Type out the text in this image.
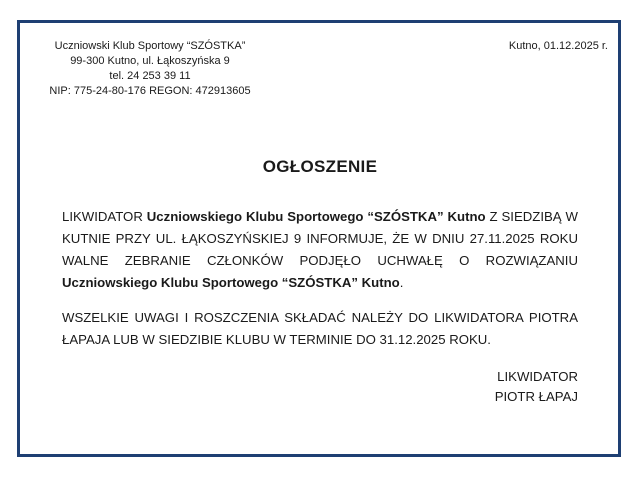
Uczniowski Klub Sportowy “SZÓSTKA”
99-300 Kutno, ul. Łąkoszyńska 9
tel. 24 253 39 11
NIP: 775-24-80-176 REGON: 472913605
Kutno, 01.12.2025 r.
OGŁOSZENIE
LIKWIDATOR Uczniowskiego Klubu Sportowego “SZÓSTKA” Kutno Z SIEDZIBĄ W KUTNIE PRZY UL. ŁĄKOSZYŃSKIEJ 9 INFORMUJE, ŻE W DNIU 27.11.2025 ROKU WALNE ZEBRANIE CZŁONKÓW PODJĘŁO UCHWAŁĘ O ROZWIĄZANIU Uczniowskiego Klubu Sportowego “SZÓSTKA” Kutno.
WSZELKIE UWAGI I ROSZCZENIA SKŁADAĆ NALEŻY DO LIKWIDATORA PIOTRA ŁAPAJA LUB W SIEDZIBIE KLUBU W TERMINIE DO 31.12.2025 ROKU.
LIKWIDATOR
PIOTR ŁAPAJ
